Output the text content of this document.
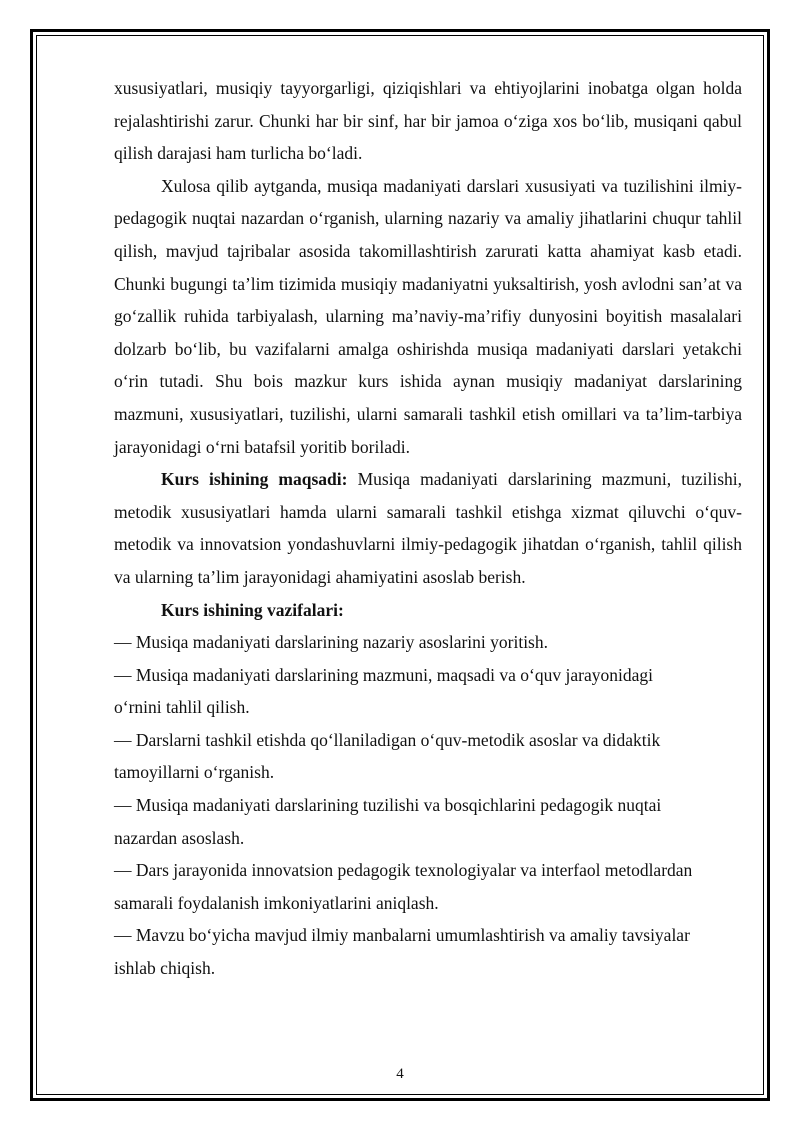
xususiyatlari, musiqiy tayyorgarligi, qiziqishlari va ehtiyojlarini inobatga olgan holda rejalashtirishi zarur. Chunki har bir sinf, har bir jamoa o‘ziga xos bo‘lib, musiqani qabul qilish darajasi ham turlicha bo‘ladi.

Xulosa qilib aytganda, musiqa madaniyati darslari xususiyati va tuzilishini ilmiy-pedagogik nuqtai nazardan o‘rganish, ularning nazariy va amaliy jihatlarini chuqur tahlil qilish, mavjud tajribalar asosida takomillashtirish zarurati katta ahamiyat kasb etadi. Chunki bugungi ta’lim tizimida musiqiy madaniyatni yuksaltirish, yosh avlodni san’at va go‘zallik ruhida tarbiyalash, ularning ma’naviy-ma’rifiy dunyosini boyitish masalalari dolzarb bo‘lib, bu vazifalarni amalga oshirishda musiqa madaniyati darslari yetakchi o‘rin tutadi. Shu bois mazkur kurs ishida aynan musiqiy madaniyat darslarining mazmuni, xususiyatlari, tuzilishi, ularni samarali tashkil etish omillari va ta’lim-tarbiya jarayonidagi o‘rni batafsil yoritib boriladi.

Kurs ishining maqsadi: Musiqa madaniyati darslarining mazmuni, tuzilishi, metodik xususiyatlari hamda ularni samarali tashkil etishga xizmat qiluvchi o‘quv-metodik va innovatsion yondashuvlarni ilmiy-pedagogik jihatdan o‘rganish, tahlil qilish va ularning ta’lim jarayonidagi ahamiyatini asoslab berish.

Kurs ishining vazifalari:

— Musiqa madaniyati darslarining nazariy asoslarini yoritish.
— Musiqa madaniyati darslarining mazmuni, maqsadi va o‘quv jarayonidagi o‘rnini tahlil qilish.
— Darslarni tashkil etishda qo‘llaniladigan o‘quv-metodik asoslar va didaktik tamoyillarni o‘rganish.
— Musiqa madaniyati darslarining tuzilishi va bosqichlarini pedagogik nuqtai nazardan asoslash.
— Dars jarayonida innovatsion pedagogik texnologiyalar va interfaol metodlardan samarali foydalanish imkoniyatlarini aniqlash.
— Mavzu bo‘yicha mavjud ilmiy manbalarni umumlashtirish va amaliy tavsiyalar ishlab chiqish.
4
